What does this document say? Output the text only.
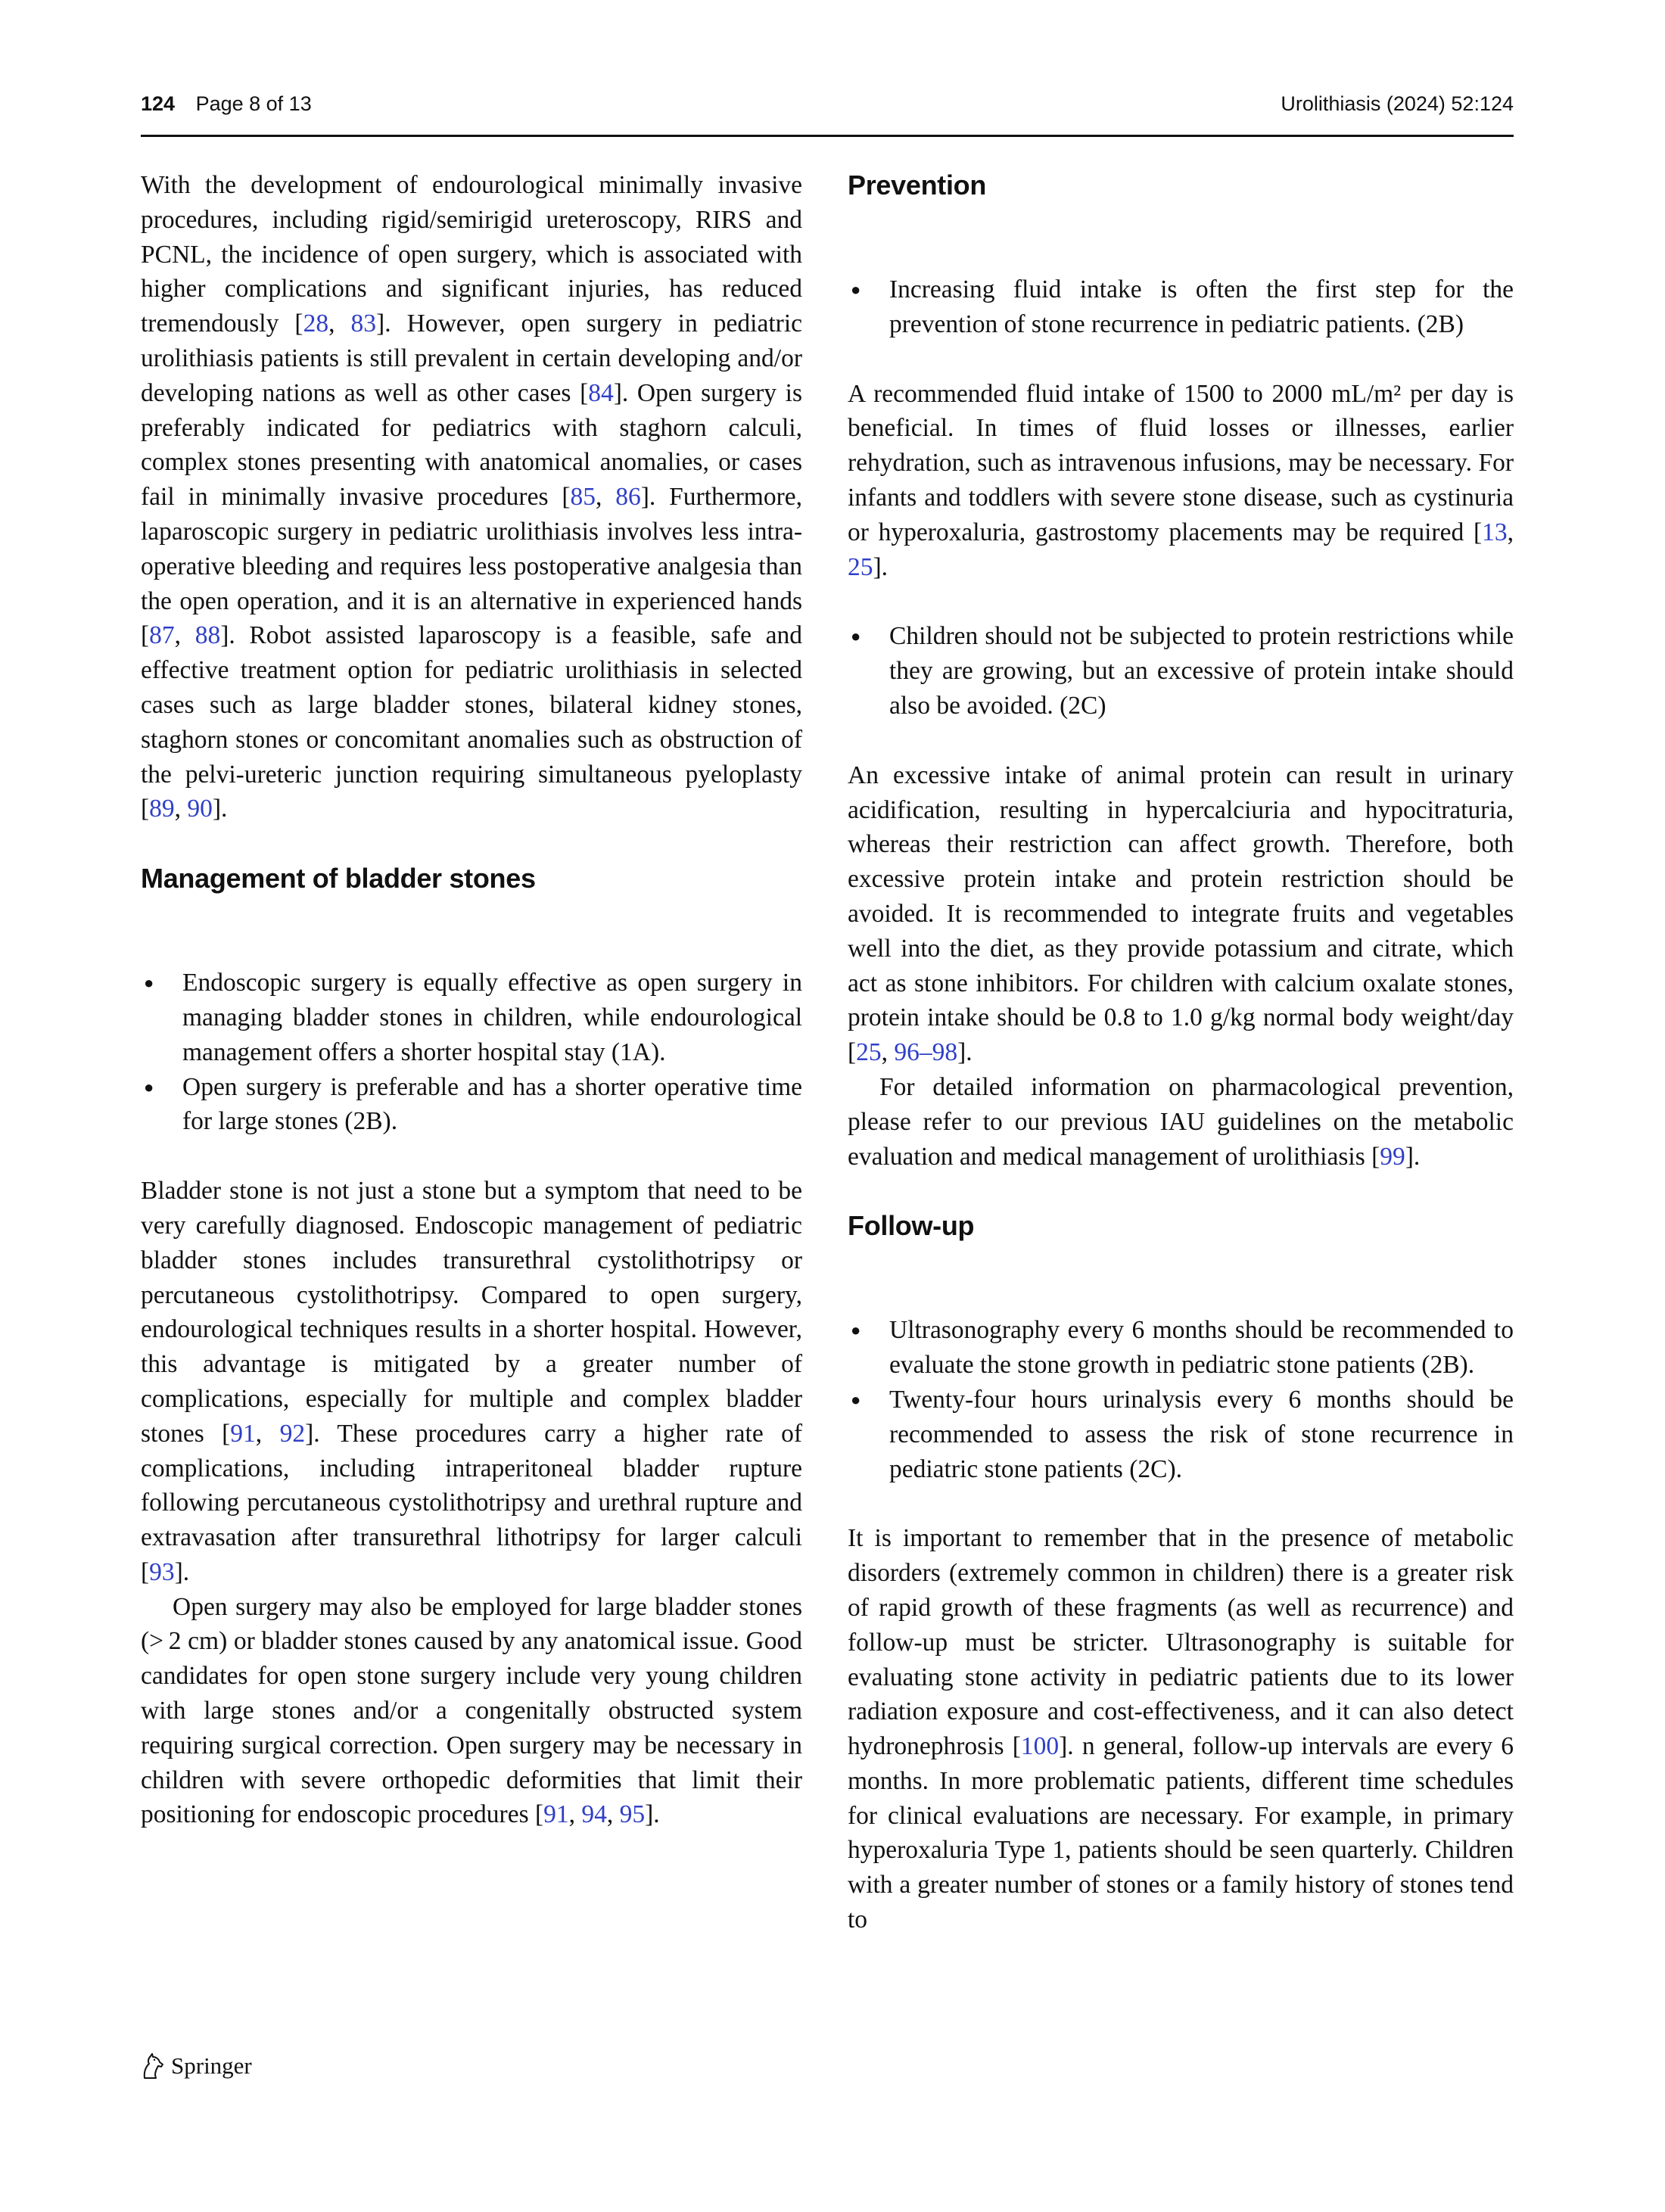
124 Page 8 of 13	Urolithiasis (2024) 52:124

With the development of endourological minimally invasive procedures, including rigid/semirigid ureteroscopy, RIRS and PCNL, the incidence of open surgery, which is associated with higher complications and significant injuries, has reduced tremendously [28, 83]. However, open surgery in pediatric urolithiasis patients is still prevalent in certain developing and/or developing nations as well as other cases [84]. Open surgery is preferably indicated for pediatrics with staghorn calculi, complex stones presenting with anatomical anomalies, or cases fail in minimally invasive procedures [85, 86]. Furthermore, laparoscopic surgery in pediatric urolithiasis involves less intra-operative bleeding and requires less postoperative analgesia than the open operation, and it is an alternative in experienced hands [87, 88]. Robot assisted laparoscopy is a feasible, safe and effective treatment option for pediatric urolithiasis in selected cases such as large bladder stones, bilateral kidney stones, staghorn stones or concomitant anomalies such as obstruction of the pelvi-ureteric junction requiring simultaneous pyeloplasty [89, 90].

Management of bladder stones
● Endoscopic surgery is equally effective as open surgery in managing bladder stones in children, while endourological management offers a shorter hospital stay (1A).
● Open surgery is preferable and has a shorter operative time for large stones (2B).

Bladder stone is not just a stone but a symptom that need to be very carefully diagnosed. Endoscopic management of pediatric bladder stones includes transurethral cystolithotripsy or percutaneous cystolithotripsy. Compared to open surgery, endourological techniques results in a shorter hospital. However, this advantage is mitigated by a greater number of complications, especially for multiple and complex bladder stones [91, 92]. These procedures carry a higher rate of complications, including intraperitoneal bladder rupture following percutaneous cystolithotripsy and urethral rupture and extravasation after transurethral lithotripsy for larger calculi [93].

Open surgery may also be employed for large bladder stones (> 2 cm) or bladder stones caused by any anatomical issue. Good candidates for open stone surgery include very young children with large stones and/or a congenitally obstructed system requiring surgical correction. Open surgery may be necessary in children with severe orthopedic deformities that limit their positioning for endoscopic procedures [91, 94, 95].

Prevention
● Increasing fluid intake is often the first step for the prevention of stone recurrence in pediatric patients. (2B)

A recommended fluid intake of 1500 to 2000 mL/m² per day is beneficial. In times of fluid losses or illnesses, earlier rehydration, such as intravenous infusions, may be necessary. For infants and toddlers with severe stone disease, such as cystinuria or hyperoxaluria, gastrostomy placements may be required [13, 25].

● Children should not be subjected to protein restrictions while they are growing, but an excessive of protein intake should also be avoided. (2C)

An excessive intake of animal protein can result in urinary acidification, resulting in hypercalciuria and hypocitraturia, whereas their restriction can affect growth. Therefore, both excessive protein intake and protein restriction should be avoided. It is recommended to integrate fruits and vegetables well into the diet, as they provide potassium and citrate, which act as stone inhibitors. For children with calcium oxalate stones, protein intake should be 0.8 to 1.0 g/kg normal body weight/day [25, 96–98].

For detailed information on pharmacological prevention, please refer to our previous IAU guidelines on the metabolic evaluation and medical management of urolithiasis [99].

Follow-up
● Ultrasonography every 6 months should be recommended to evaluate the stone growth in pediatric stone patients (2B).
● Twenty-four hours urinalysis every 6 months should be recommended to assess the risk of stone recurrence in pediatric stone patients (2C).

It is important to remember that in the presence of metabolic disorders (extremely common in children) there is a greater risk of rapid growth of these fragments (as well as recurrence) and follow-up must be stricter. Ultrasonography is suitable for evaluating stone activity in pediatric patients due to its lower radiation exposure and cost-effectiveness, and it can also detect hydronephrosis [100]. n general, follow-up intervals are every 6 months. In more problematic patients, different time schedules for clinical evaluations are necessary. For example, in primary hyperoxaluria Type 1, patients should be seen quarterly. Children with a greater number of stones or a family history of stones tend to

Springer
